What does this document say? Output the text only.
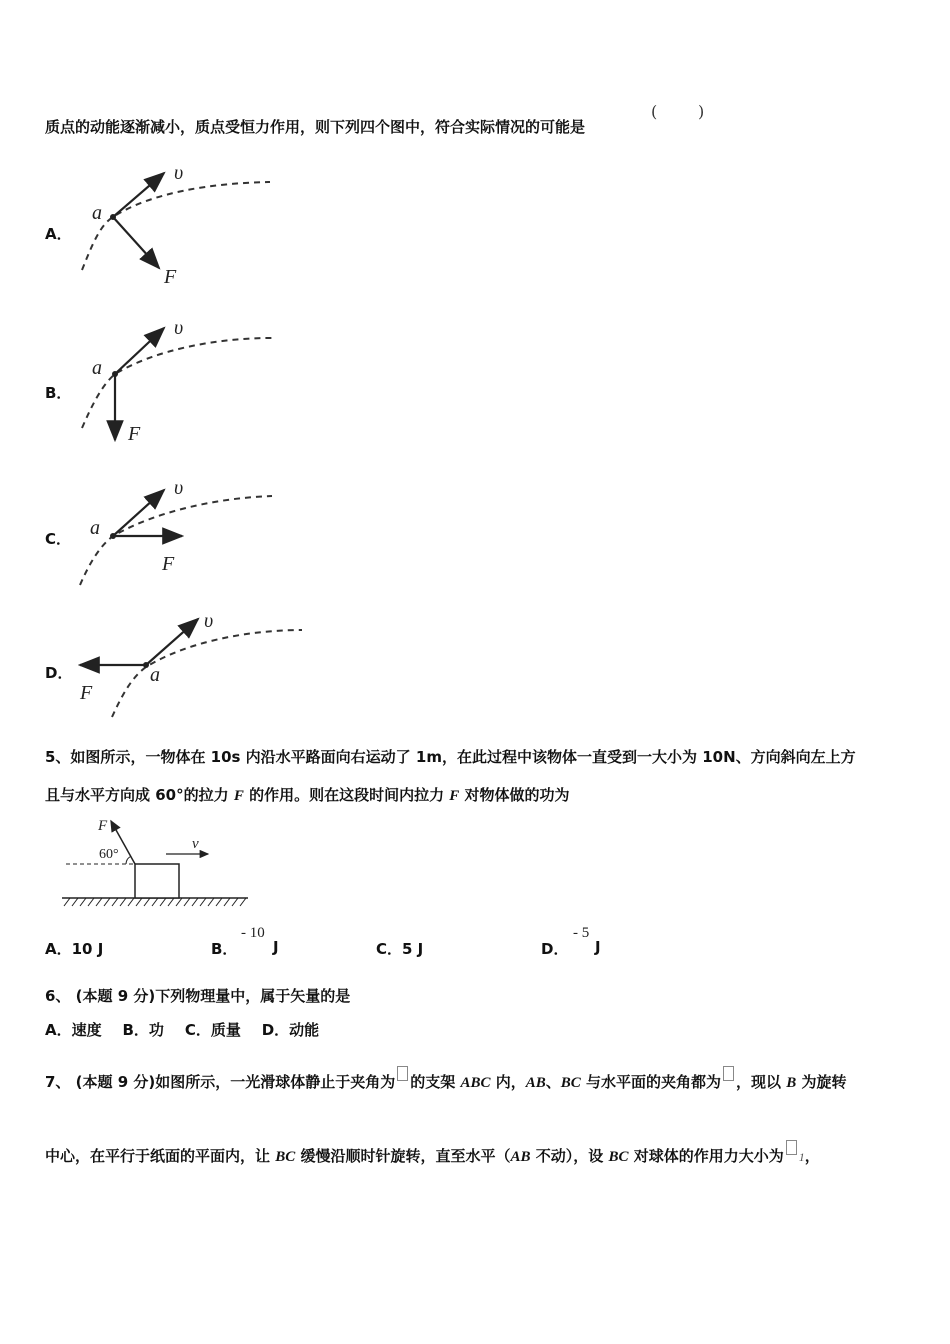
质点的动能逐渐减小，质点受恒力作用，则下列四个图中，符合实际情况的可能是
(	)
A．
a
υ
F
B．
a
υ
F
C． a
υ
F
D．	a
υ
F
5、如图所示，一物体在 10s 内沿水平路面向右运动了 1m，在此过程中该物体一直受到一大小为 10N、方向斜向左上方
且与水平方向成 60°的拉力 F 的作用。则在这段时间内拉力 F 对物体做的功为
F
60°
v
A．10 J	B．
- 10
J	C．5 J	D．
- 5
J
6、 (本题 9 分)下列物理量中，属于矢量的是
A．速度    B．功    C．质量    D．动能
7、 (本题 9 分)如图所示，一光滑球体静止于夹角为 的支架 ABC 内，AB、BC 与水平面的夹角都为 ，现以 B 为旋转
中心，在平行于纸面的平面内，让 BC 缓慢沿顺时针旋转，直至水平（AB 不动），设 BC 对球体的作用力大小为 1，
